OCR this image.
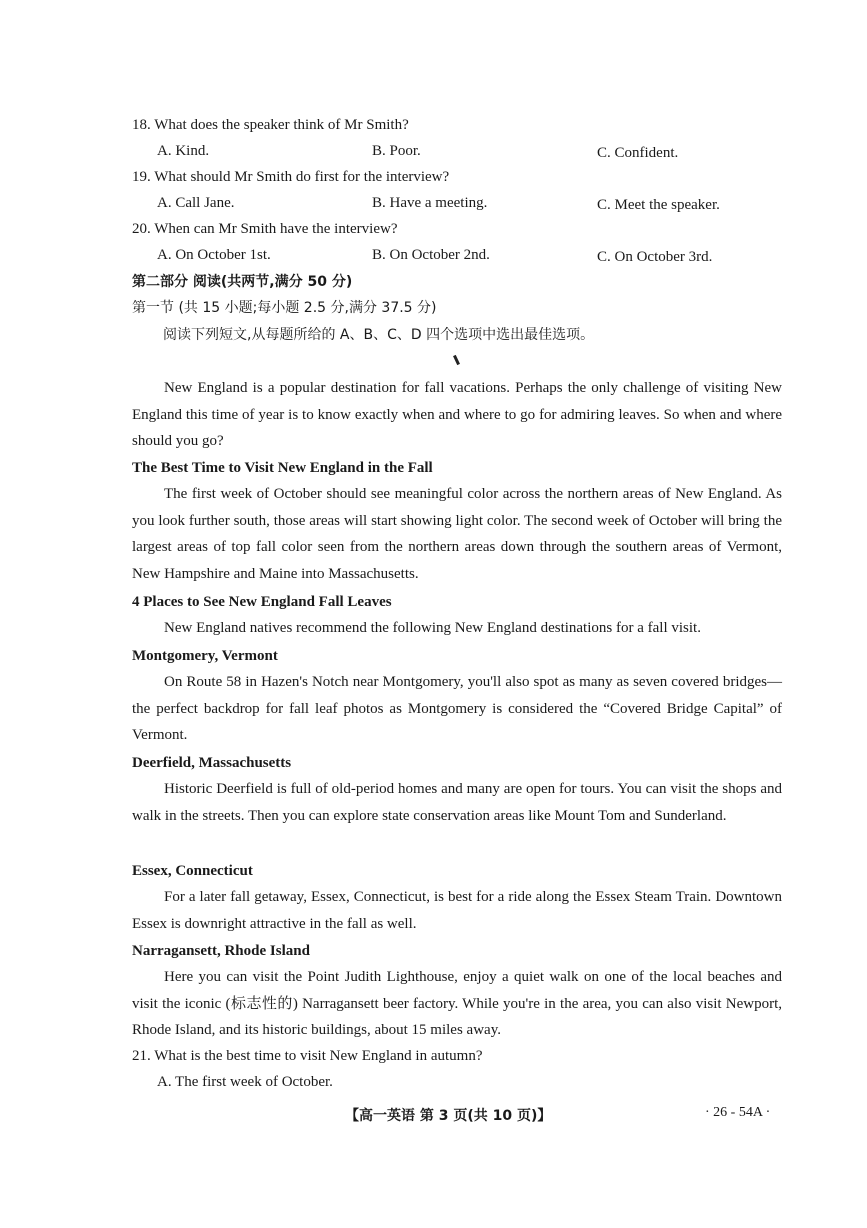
18. What does the speaker think of Mr Smith?
A. Kind.	B. Poor.	C. Confident.
19. What should Mr Smith do first for the interview?
A. Call Jane.	B. Have a meeting.	C. Meet the speaker.
20. When can Mr Smith have the interview?
A. On October 1st.	B. On October 2nd.	C. On October 3rd.
第二部分 阅读(共两节,满分 50 分)
第一节 (共 15 小题;每小题 2.5 分,满分 37.5 分)
阅读下列短文,从每题所给的 A、B、C、D 四个选项中选出最佳选项。
New England is a popular destination for fall vacations. Perhaps the only challenge of visiting New England this time of year is to know exactly when and where to go for admiring leaves. So when and where should you go?
The Best Time to Visit New England in the Fall
The first week of October should see meaningful color across the northern areas of New England. As you look further south, those areas will start showing light color. The second week of October will bring the largest areas of top fall color seen from the northern areas down through the southern areas of Vermont, New Hampshire and Maine into Massachusetts.
4 Places to See New England Fall Leaves
New England natives recommend the following New England destinations for a fall visit.
Montgomery, Vermont
On Route 58 in Hazen's Notch near Montgomery, you'll also spot as many as seven covered bridges—the perfect backdrop for fall leaf photos as Montgomery is considered the “Covered Bridge Capital” of Vermont.
Deerfield, Massachusetts
Historic Deerfield is full of old-period homes and many are open for tours. You can visit the shops and walk in the streets. Then you can explore state conservation areas like Mount Tom and Sunderland.
Essex, Connecticut
For a later fall getaway, Essex, Connecticut, is best for a ride along the Essex Steam Train. Downtown Essex is downright attractive in the fall as well.
Narragansett, Rhode Island
Here you can visit the Point Judith Lighthouse, enjoy a quiet walk on one of the local beaches and visit the iconic (标志性的) Narragansett beer factory. While you're in the area, you can also visit Newport, Rhode Island, and its historic buildings, about 15 miles away.
21. What is the best time to visit New England in autumn?
A. The first week of October.
【高一英语 第 3 页(共 10 页)】	· 26 - 54A ·
